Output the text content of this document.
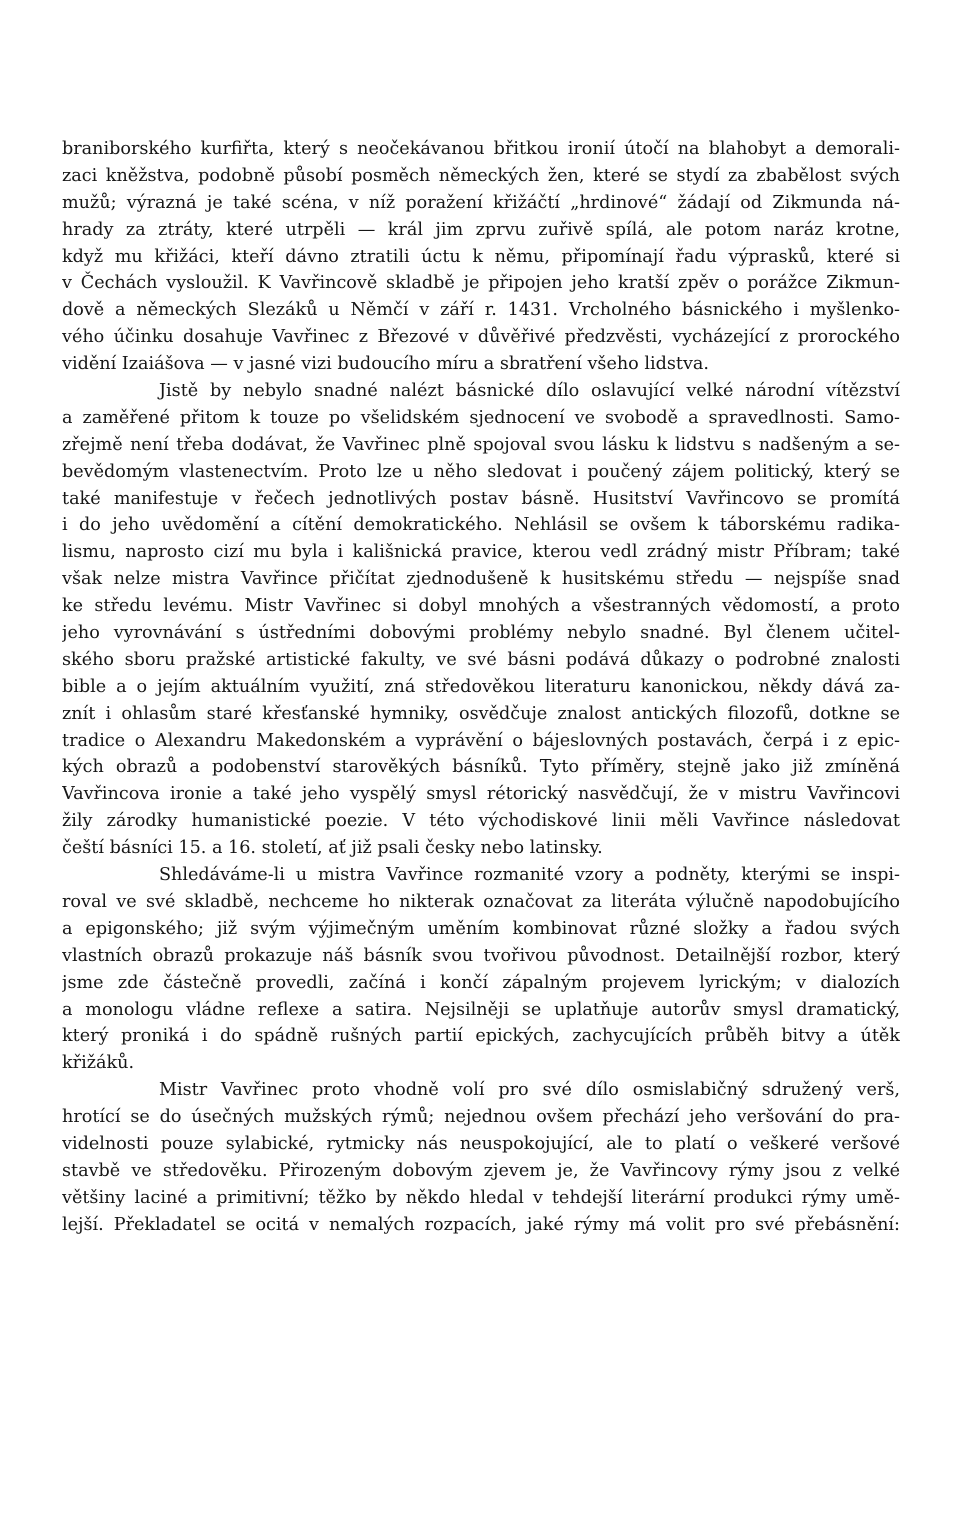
braniborského kurfiřta, který s neočekávanou břitkou ironií útočí na blahobyt a demorali-
zaci kněžstva, podobně působí posměch německých žen, které se stydí za zbabělost svých
mužů; výrazná je také scéna, v níž poražení křižáčtí „hrdinové“ žádají od Zikmunda ná-
hrady za ztráty, které utrpěli — král jim zprvu zuřivě spílá, ale potom naráz krotne,
když mu křižáci, kteří dávno ztratili úctu k němu, připomínají řadu výprasků, které si
v Čechách vysloužil. K Vavřincově skladbě je připojen jeho kratší zpěv o porážce Zikmun-
dově a německých Slezáků u Němčí v září r. 1431. Vrcholného básnického i myšlenko-
vého účinku dosahuje Vavřinec z Březové v důvěřivé předzvěsti, vycházející z prorockého
vidění Izaiášova — v jasné vizi budoucího míru a sbratření všeho lidstva.
Jistě by nebylo snadné nalézt básnické dílo oslavující velké národní vítězství
a zaměřené přitom k touze po všelidském sjednocení ve svobodě a spravedlnosti. Samo-
zřejmě není třeba dodávat, že Vavřinec plně spojoval svou lásku k lidstvu s nadšeným a se-
bevědomým vlastenectvím. Proto lze u něho sledovat i poučený zájem politický, který se
také manifestuje v řečech jednotlivých postav básně. Husitství Vavřincovo se promítá
i do jeho uvědomění a cítění demokratického. Nehlásil se ovšem k táborskému radika-
lismu, naprosto cizí mu byla i kališnická pravice, kterou vedl zrádný mistr Příbram; také
však nelze mistra Vavřince přičítat zjednodušeně k husitskému středu — nejspíše snad
ke středu levému. Mistr Vavřinec si dobyl mnohých a všestranných vědomostí, a proto
jeho vyrovnávání s ústředními dobovými problémy nebylo snadné. Byl členem učitel-
ského sboru pražské artistické fakulty, ve své básni podává důkazy o podrobné znalosti
bible a o jejím aktuálním využití, zná středověkou literaturu kanonickou, někdy dává za-
znít i ohlasům staré křesťanské hymniky, osvědčuje znalost antických filozofů, dotkne se
tradice o Alexandru Makedonském a vyprávění o bájeslovných postavách, čerpá i z epic-
kých obrazů a podobenství starověkých básníků. Tyto příměry, stejně jako již zmíněná
Vavřincova ironie a také jeho vyspělý smysl rétorický nasvědčují, že v mistru Vavřincovi
žily zárodky humanistické poezie. V této východiskové linii měli Vavřince následovat
čeští básníci 15. a 16. století, ať již psali česky nebo latinsky.
Shledáváme-li u mistra Vavřince rozmanité vzory a podněty, kterými se inspi-
roval ve své skladbě, nechceme ho nikterak označovat za literáta výlučně napodobujícího
a epigonského; již svým výjimečným uměním kombinovat různé složky a řadou svých
vlastních obrazů prokazuje náš básník svou tvořivou původnost. Detailnější rozbor, který
jsme zde částečně provedli, začíná i končí zápalným projevem lyrickým; v dialozích
a monologu vládne reflexe a satira. Nejsilněji se uplatňuje autorův smysl dramatický,
který proniká i do spádně rušných partií epických, zachycujících průběh bitvy a útěk
křižáků.
Mistr Vavřinec proto vhodně volí pro své dílo osmislabičný sdružený verš,
hrotící se do úsečných mužských rýmů; nejednou ovšem přechází jeho veršování do pra-
videlnosti pouze sylabické, rytmicky nás neuspokojující, ale to platí o veškeré veršové
stavbě ve středověku. Přirozeným dobovým zjevem je, že Vavřincovy rýmy jsou z velké
většiny laciné a primitivní; těžko by někdo hledal v tehdejší literární produkci rýmy umě-
lejší. Překladatel se ocitá v nemalých rozpacích, jaké rýmy má volit pro své přebásnění:
